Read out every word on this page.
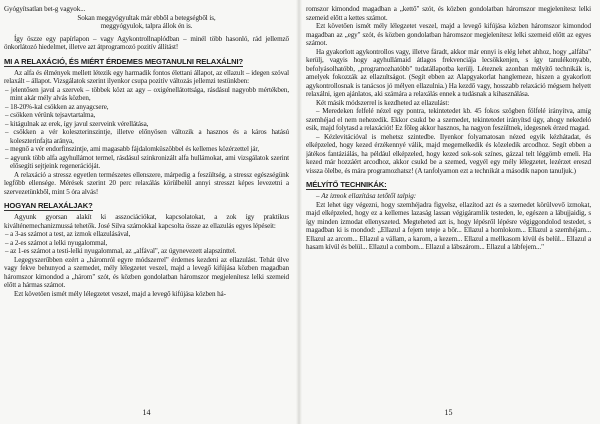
Gyógyítsatlan bet-g vagyok...

Sokan meggyógyultak már ebből a betegségből is,

meggyógyulok, talpra állok én is.

Így öszze egy papírlapon – vagy Agykontrollnaplódban – minél több hasonló, rád jellemző önkorlátozó hiedelmet, illetve azt átprogramozó pozitív állítást!

MI A RELAXÁCIÓ, ÉS MIÉRT ÉRDEMES MEGTANULNI RELAXÁLNI?

Az alfa és élmények mellett létezik egy harmadik fontos élettani állapot, az ellazult – idegen szóval relaxált – állapot. Vizsgálatok szerint ilyenkor csupa pozitív változás jellemzi testünkben:

– jelentősen javul a szervek – többek közt az agy – oxigénellátottsága, rásdásul nagyobb mértékben, mint akár mély alvás közben,

– 18-20%-kal csökken az anyagcsere,

– csökken vérünk tejsavtartalma,

– kitágulnak az erek, így javul szerveink vérellátása,

– csökken a vér koleszterinszintje, illetve előnyösen változik a hasznos és a káros hatású koleszterinfajta aránya,

– megnő a vér endorfinszintje, ami magasabb fájdalomküszöbbel és kellemes közérzettel jár,

– agyunk több alfa agyhullámot termel, rásdásul szinkronizált alfa hullámokat, ami vizsgálatok szerint elősegíti sejtjeink regenerációját.

A relaxáció a stressz egyetlen természetes ellenszere, márpedig a feszültség, a stressz egészségünk legfőbb ellensége. Mérések szerint 20 perc relaxálás körülbelül annyi stresszt képes levezetni a szervezetünkből, mint 5 óra alvás!

HOGYAN RELAXÁLJAK?

Agyunk gyorsan alakít ki asszociációkat, kapcsolatokat, a zok így praktikus kiválténemechanizmussá tehetők. José Silva számokkal kapcsolta össze az ellazulás egyes lépéseit:

– a 3-as számot a test, az izmok ellazulásával,

– a 2-es számot a lelki nyugalommal,

– az 1-es számot a testi-lelki nyugalommal, az „alfával", az úgynevezett alapszinttel.

Legegyszerűbben ezért a „háromról egyre módszerrel" érdemes kezdeni az ellazulást. Tehát ülve vagy fekve behunyod a szemedet, mély lélegzetet veszel, majd a levegő kifújása közben magadban háromszor kimondod a „három" szót, és közben gondolatban háromszor megjelenítesz lelki szemeid előtt a hármas számot.

Ezt követően ismét mély lélegzetet veszel, majd a levegő kifújása közben há-

14

romszor kimondod magadban a „kettő" szót, és közben gondolatban háromszor megjelenítesz lelki szemeid előtt a kettes számot.

Ezt követően ismét mély lélegzetet veszel, majd a levegő kifújása közben háromszor kimondod magadban az „egy" szót, és közben gondolatban háromszor megjelenítesz lelki szemeid előtt az egyes számot.

Ha gyakorlott agykontrollos vagy, illetve fáradt, akkor már ennyi is elég lehet ahhoz, hogy „alfába" kerülj, vagyis hogy agyhullámaid átlagos frekvenciája lecsökkenjen, s így tanulékonyabb, befolyásolhatóbb, „programozhatóbb" tudatállapotba kerülj. Léteznek azonban mélyítő technikák is, amelyek fokozzák az ellazultságot. (Segít ebben az Alapgyakorlat hanglemeze, hiszen a gyakorlott agykontrollosnak is tanácsos jó mélyen ellazulnia.) Ha kezdő vagy, hosszabb relaxáció mégsem helyett relaxálni, igen ajánlatos, aki számára a relaxálás ennek a tudásnak a kihasználása.

Két másik módszerrel is kezdheted az ellazulást:

– Meredeken felfelé nézel egy pontra, tekintetedet kb. 45 fokos szögben fölfelé irányítva, amíg szemhéjad el nem nehezedik. Ekkor csukd be a szemedet, tekintetedet irányítsd úgy, ahogy nekedeló esik, majd folytasd a relaxációt! Ez főleg akkor hasznos, ha nagyon feszültnek, idegesnek érzed magad.

– Kézlevitációval is mehetsz szintedbe. Ilyenkor folyamatosan nézed egyik kézhátadat, és elképzeled, hogy kezed érzékennyé válik, majd megemelkedik és közeledik arcodhoz. Segít ebben a játékos fantáziálás, ha például elképzeled, hogy kezed sok-sok színes, gázzal telt léggömb emeli. Ha kezed már hozzáért arcodhoz, akkor csukd be a szemed, vegyél egy mély lélegzetet, lezérzet ereszd vissza ölelbe, és mára programozhatsz! (A tanfolyamon ezt a technikát a második napon tanuljuk.)

MÉLYÍTŐ TECHNIKÁK:

– Az izmok ellazítása tetőtől talpig:

Ezt lehet úgy végezni, hogy szemhéjadra figyelsz, ellazítod azt és a szemedet körülvevő izmokat, majd elképzeled, hogy ez a kellemes lazaság lassan végigáramlik testeden, le, egészen a lábujjaidig, s így minden izmodat ellenyszeted. Megteheted azt is, hogy lépésről lépésre végiggondolod testedet, s magadban ki is mondod: „Ellazul a fejem teteje a bőr... Ellazul a homlokom... Ellazul a szemhéjam... Ellazul az arcom... Ellazul a vállam, a karom, a kezem... Ellazul a mellkasom kívül és belül... Ellazul a hasam kívül és belül... Ellazul a combom... Ellazul a lábszárom... Ellazul a lábfejem..."

15
